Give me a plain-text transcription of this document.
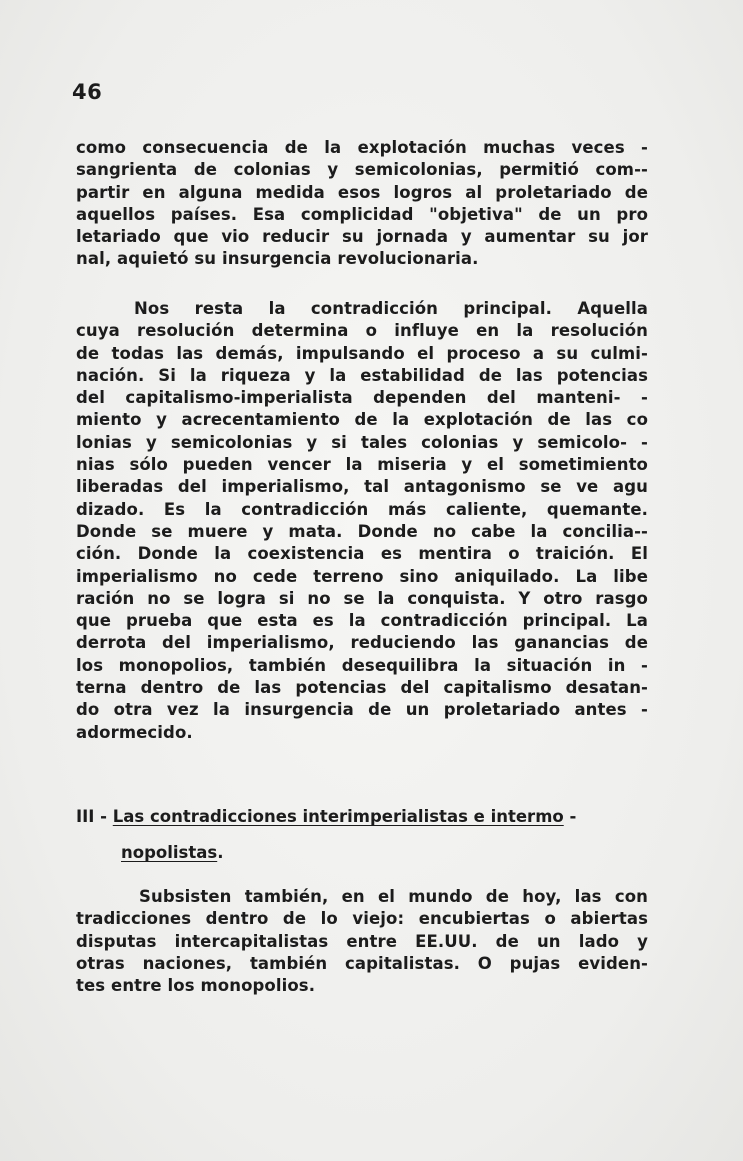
46
como consecuencia de la explotación muchas veces -
sangrienta de colonias y semicolonias, permitió com--
partir en alguna medida esos logros al proletariado de
aquellos países. Esa complicidad "objetiva" de un pro
letariado que vio reducir su jornada y aumentar su jor
nal, aquietó su insurgencia revolucionaria.
Nos resta la contradicción principal. Aquella
cuya resolución determina o influye en la resolución
de todas las demás, impulsando el proceso a su culmi-
nación. Si la riqueza y la estabilidad de las potencias
del capitalismo-imperialista dependen del manteni- -
miento y acrecentamiento de la explotación de las co
lonias y semicolonias y si tales colonias y semicolo- -
nias sólo pueden vencer la miseria y el sometimiento
liberadas del imperialismo, tal antagonismo se ve agu
dizado. Es la contradicción más caliente, quemante.
Donde se muere y mata. Donde no cabe la concilia--
ción. Donde la coexistencia es mentira o traición. El
imperialismo no cede terreno sino aniquilado. La libe
ración no se logra si no se la conquista. Y otro rasgo
que prueba que esta es la contradicción principal. La
derrota del imperialismo, reduciendo las ganancias de
los monopolios, también desequilibra la situación in -
terna dentro de las potencias del capitalismo desatan-
do otra vez la insurgencia de un proletariado antes -
adormecido.
III - Las contradicciones interimperialistas e intermo -
nopolistas.
Subsisten también, en el mundo de hoy, las con
tradicciones dentro de lo viejo: encubiertas o abiertas
disputas intercapitalistas entre EE.UU. de un lado y
otras naciones, también capitalistas. O pujas eviden-
tes entre los monopolios.
